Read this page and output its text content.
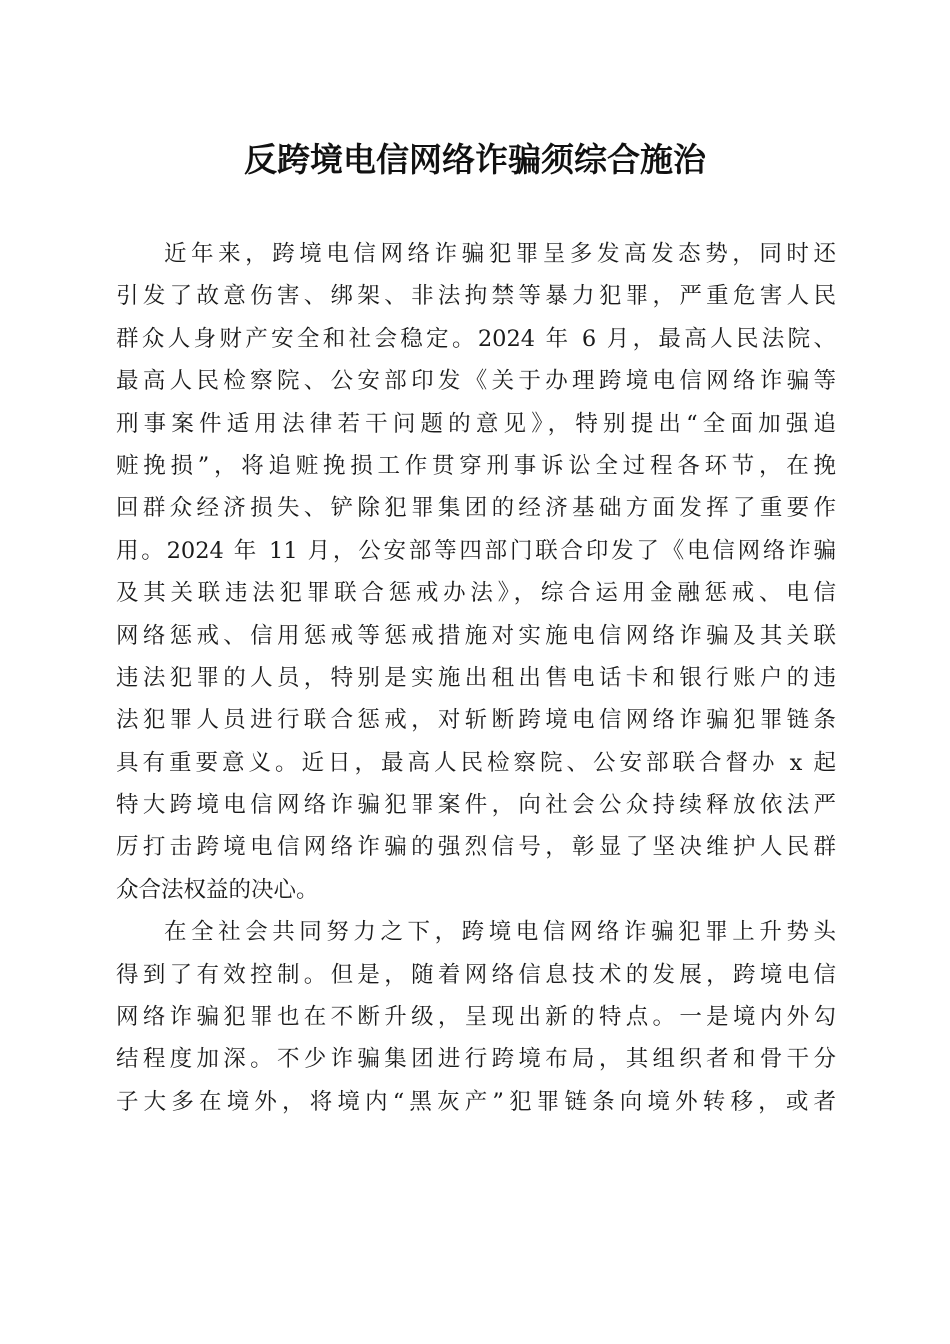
反跨境电信网络诈骗须综合施治
近年来，跨境电信网络诈骗犯罪呈多发高发态势，同时还
引发了故意伤害、绑架、非法拘禁等暴力犯罪，严重危害人民
群众人身财产安全和社会稳定。2024 年 6 月，最高人民法院、
最高人民检察院、公安部印发《关于办理跨境电信网络诈骗等
刑事案件适用法律若干问题的意见》，特别提出“全面加强追
赃挽损”，将追赃挽损工作贯穿刑事诉讼全过程各环节，在挽
回群众经济损失、铲除犯罪集团的经济基础方面发挥了重要作
用。2024 年 11 月，公安部等四部门联合印发了《电信网络诈骗
及其关联违法犯罪联合惩戒办法》，综合运用金融惩戒、电信
网络惩戒、信用惩戒等惩戒措施对实施电信网络诈骗及其关联
违法犯罪的人员，特别是实施出租出售电话卡和银行账户的违
法犯罪人员进行联合惩戒，对斩断跨境电信网络诈骗犯罪链条
具有重要意义。近日，最高人民检察院、公安部联合督办 x 起
特大跨境电信网络诈骗犯罪案件，向社会公众持续释放依法严
厉打击跨境电信网络诈骗的强烈信号，彰显了坚决维护人民群
众合法权益的决心。
在全社会共同努力之下，跨境电信网络诈骗犯罪上升势头
得到了有效控制。但是，随着网络信息技术的发展，跨境电信
网络诈骗犯罪也在不断升级，呈现出新的特点。一是境内外勾
结程度加深。不少诈骗集团进行跨境布局，其组织者和骨干分
子大多在境外，将境内“黑灰产”犯罪链条向境外转移，或者
